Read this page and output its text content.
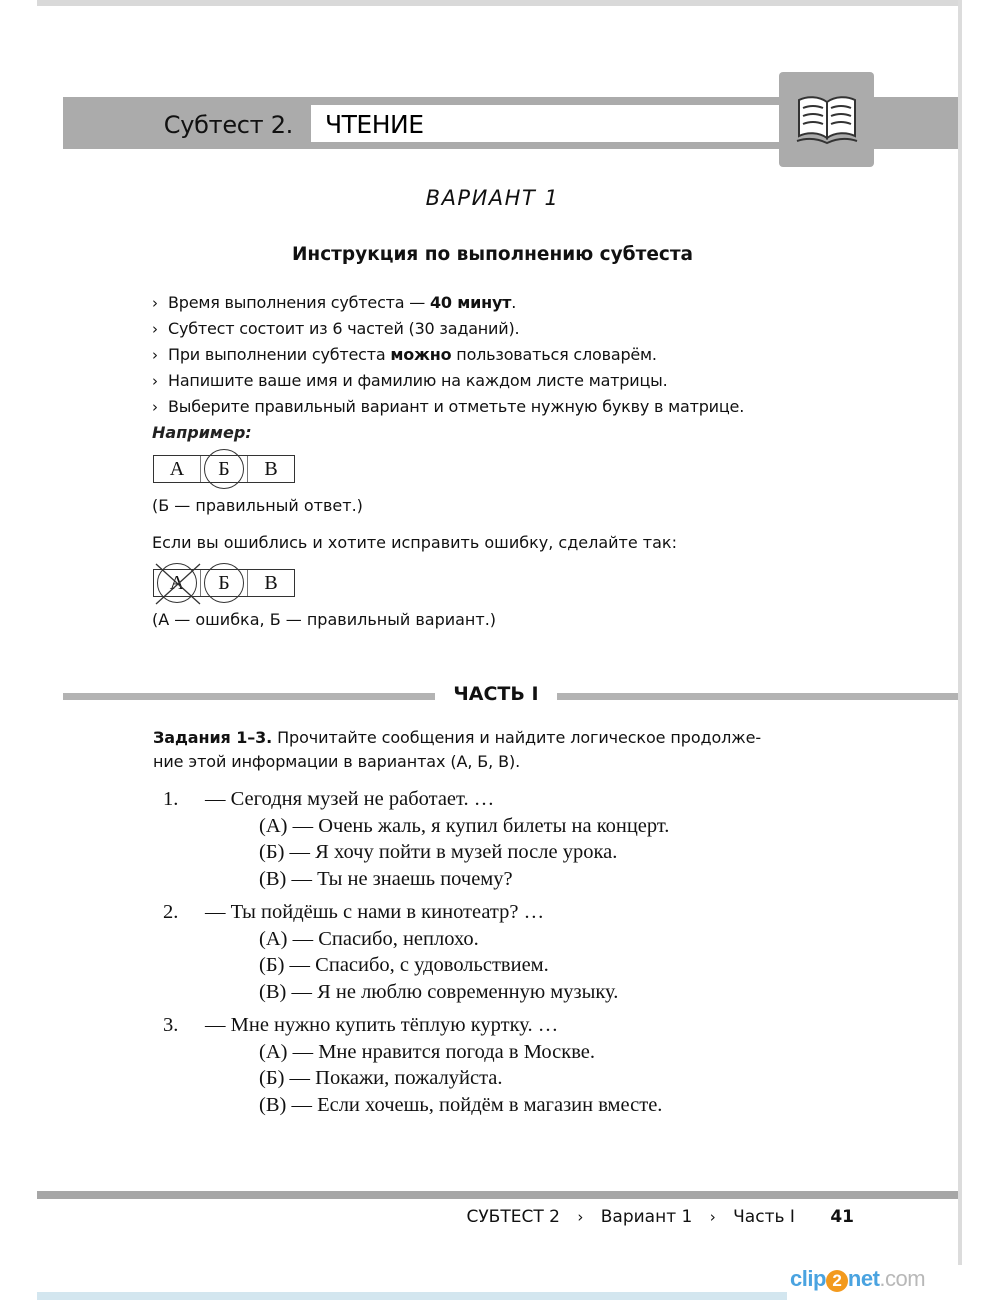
Субтест 2.	ЧТЕНИЕ
ВАРИАНТ 1
Инструкция по выполнению субтеста
› Время выполнения субтеста — 40 минут.
› Субтест состоит из 6 частей (30 заданий).
› При выполнении субтеста можно пользоваться словарём.
› Напишите ваше имя и фамилию на каждом листе матрицы.
› Выберите правильный вариант и отметьте нужную букву в матрице.
Например:
А	Б	В
(Б — правильный ответ.)
Если вы ошиблись и хотите исправить ошибку, сделайте так:
А	Б	В
(А — ошибка, Б — правильный вариант.)
ЧАСТЬ I
Задания 1–3. Прочитайте сообщения и найдите логическое продолже-
ние этой информации в вариантах (А, Б, В).
1. — Сегодня музей не работает. …
(А) — Очень жаль, я купил билеты на концерт.
(Б) — Я хочу пойти в музей после урока.
(В) — Ты не знаешь почему?
2. — Ты пойдёшь с нами в кинотеатр? …
(А) — Спасибо, неплохо.
(Б) — Спасибо, с удовольствием.
(В) — Я не люблю современную музыку.
3. — Мне нужно купить тёплую куртку. …
(А) — Мне нравится погода в Москве.
(Б) — Покажи, пожалуйста.
(В) — Если хочешь, пойдём в магазин вместе.
СУБТЕСТ 2 › Вариант 1 › Часть I 41
clip 2 net.com
